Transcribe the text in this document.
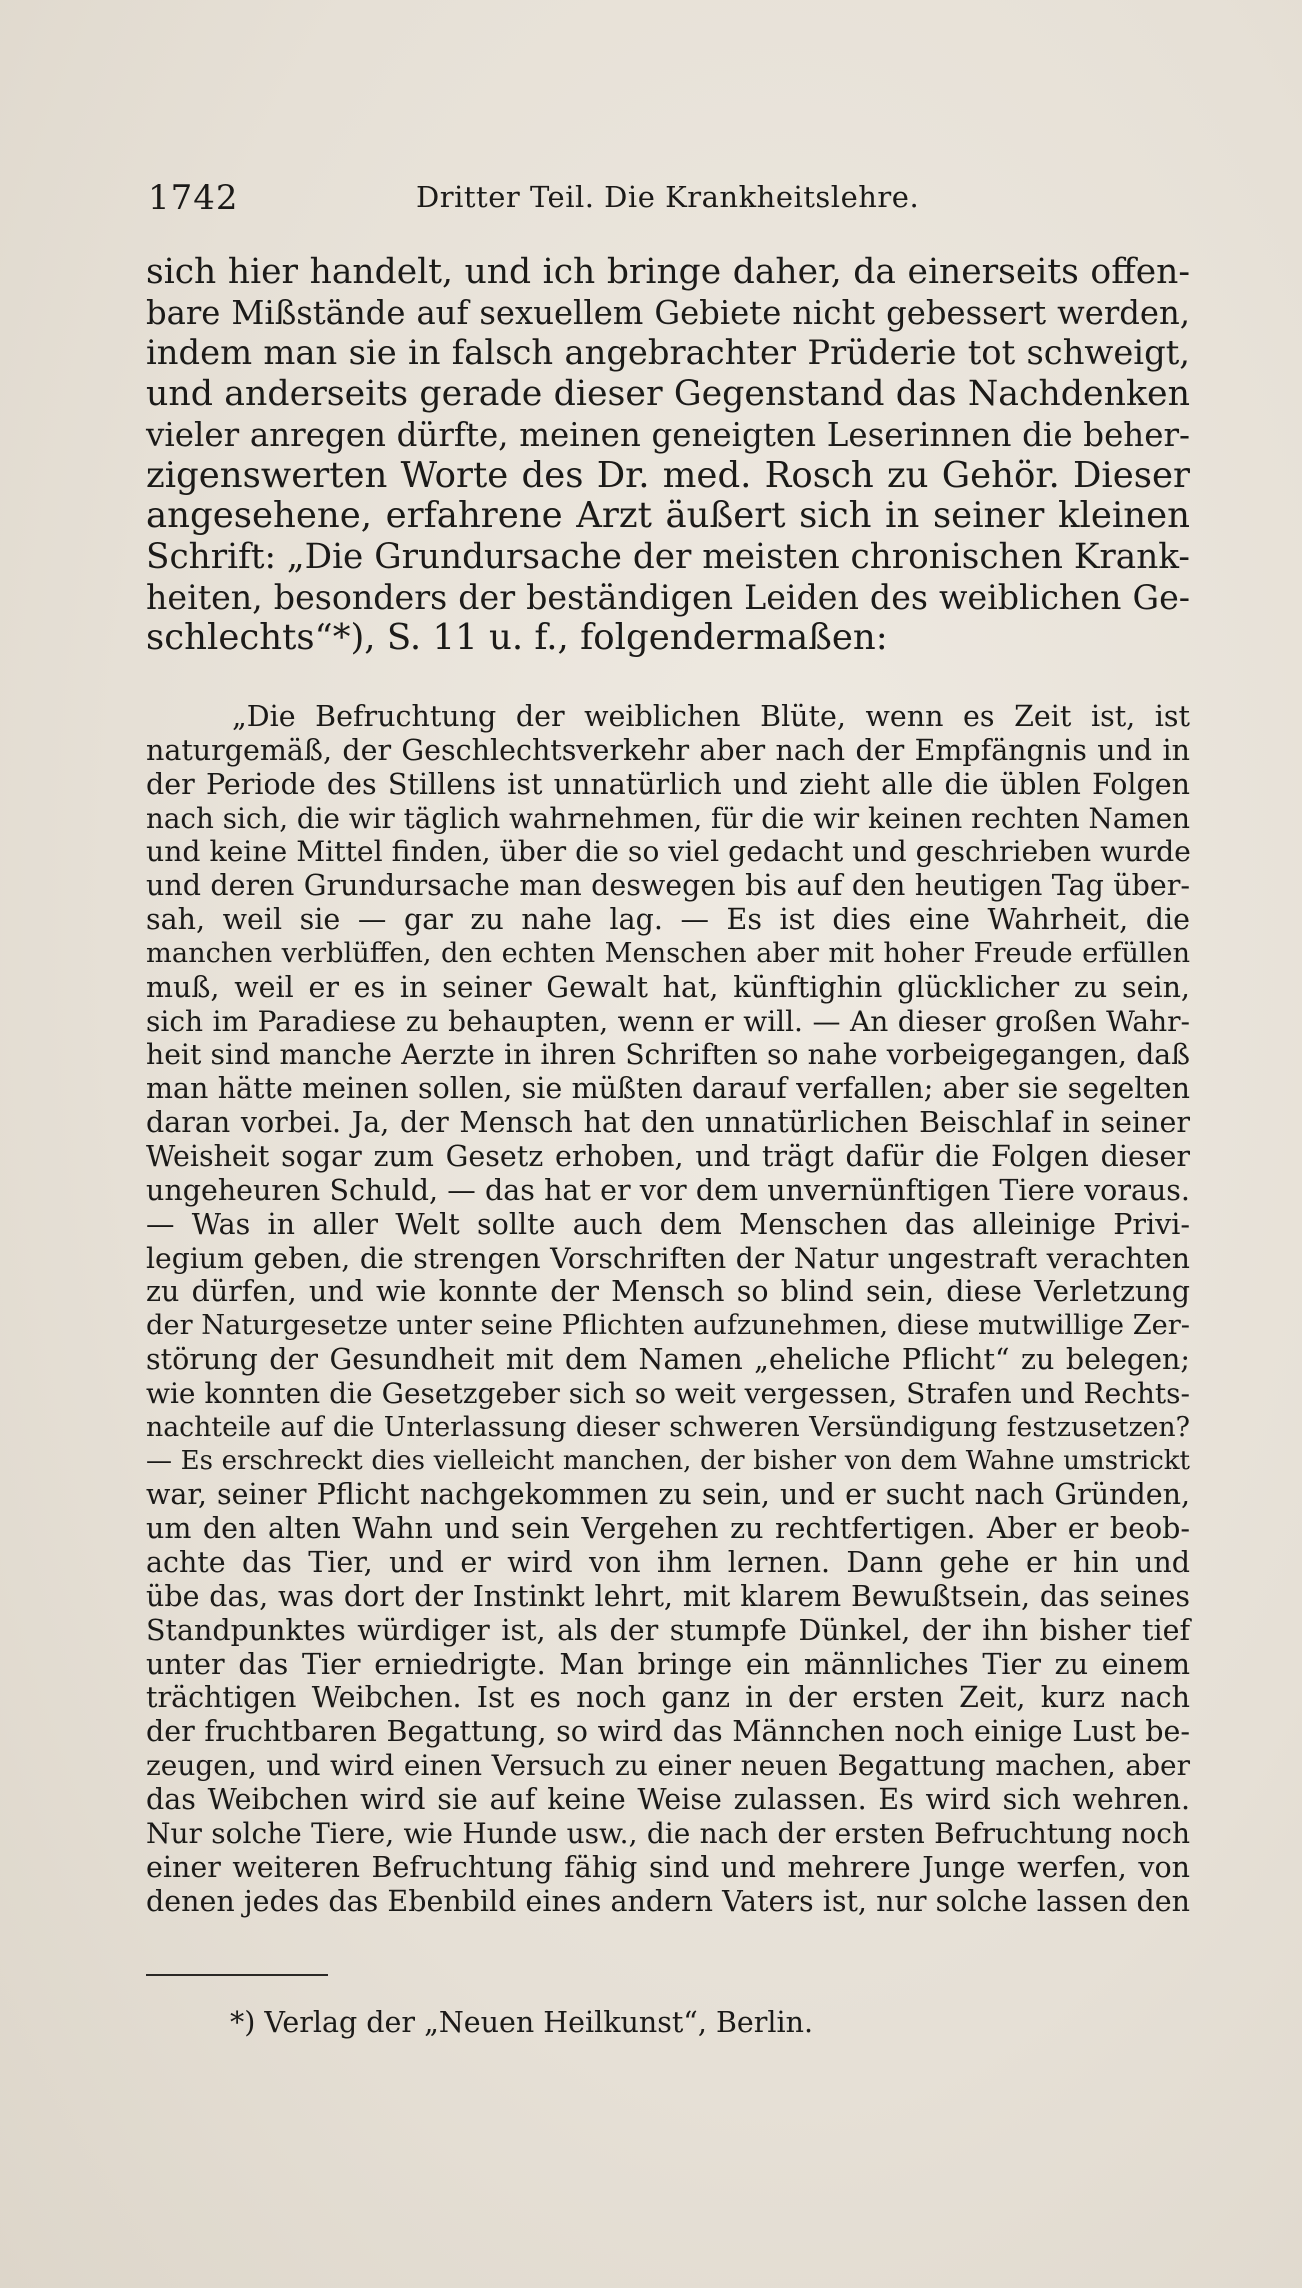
1742	Dritter Teil. Die Krankheitslehre.

sich hier handelt, und ich bringe daher, da einerseits offen-

bare Mißstände auf sexuellem Gebiete nicht gebessert werden,

indem man sie in falsch angebrachter Prüderie tot schweigt,

und anderseits gerade dieser Gegenstand das Nachdenken

vieler anregen dürfte, meinen geneigten Leserinnen die beher-

zigenswerten Worte des Dr. med. Rosch zu Gehör. Dieser

angesehene, erfahrene Arzt äußert sich in seiner kleinen

Schrift: „Die Grundursache der meisten chronischen Krank-

heiten, besonders der beständigen Leiden des weiblichen Ge-

schlechts“*), S. 11 u. f., folgendermaßen:

„Die Befruchtung der weiblichen Blüte, wenn es Zeit ist, ist

naturgemäß, der Geschlechtsverkehr aber nach der Empfängnis und in

der Periode des Stillens ist unnatürlich und zieht alle die üblen Folgen

nach sich, die wir täglich wahrnehmen, für die wir keinen rechten Namen

und keine Mittel finden, über die so viel gedacht und geschrieben wurde

und deren Grundursache man deswegen bis auf den heutigen Tag über-

sah, weil sie — gar zu nahe lag. — Es ist dies eine Wahrheit, die

manchen verblüffen, den echten Menschen aber mit hoher Freude erfüllen

muß, weil er es in seiner Gewalt hat, künftighin glücklicher zu sein,

sich im Paradiese zu behaupten, wenn er will. — An dieser großen Wahr-

heit sind manche Aerzte in ihren Schriften so nahe vorbeigegangen, daß

man hätte meinen sollen, sie müßten darauf verfallen; aber sie segelten

daran vorbei. Ja, der Mensch hat den unnatürlichen Beischlaf in seiner

Weisheit sogar zum Gesetz erhoben, und trägt dafür die Folgen dieser

ungeheuren Schuld, — das hat er vor dem unvernünftigen Tiere voraus.

— Was in aller Welt sollte auch dem Menschen das alleinige Privi-

legium geben, die strengen Vorschriften der Natur ungestraft verachten

zu dürfen, und wie konnte der Mensch so blind sein, diese Verletzung

der Naturgesetze unter seine Pflichten aufzunehmen, diese mutwillige Zer-

störung der Gesundheit mit dem Namen „eheliche Pflicht“ zu belegen;

wie konnten die Gesetzgeber sich so weit vergessen, Strafen und Rechts-

nachteile auf die Unterlassung dieser schweren Versündigung festzusetzen?

— Es erschreckt dies vielleicht manchen, der bisher von dem Wahne umstrickt

war, seiner Pflicht nachgekommen zu sein, und er sucht nach Gründen,

um den alten Wahn und sein Vergehen zu rechtfertigen. Aber er beob-

achte das Tier, und er wird von ihm lernen. Dann gehe er hin und

übe das, was dort der Instinkt lehrt, mit klarem Bewußtsein, das seines

Standpunktes würdiger ist, als der stumpfe Dünkel, der ihn bisher tief

unter das Tier erniedrigte. Man bringe ein männliches Tier zu einem

trächtigen Weibchen. Ist es noch ganz in der ersten Zeit, kurz nach

der fruchtbaren Begattung, so wird das Männchen noch einige Lust be-

zeugen, und wird einen Versuch zu einer neuen Begattung machen, aber

das Weibchen wird sie auf keine Weise zulassen. Es wird sich wehren.

Nur solche Tiere, wie Hunde usw., die nach der ersten Befruchtung noch

einer weiteren Befruchtung fähig sind und mehrere Junge werfen, von

denen jedes das Ebenbild eines andern Vaters ist, nur solche lassen den

*) Verlag der „Neuen Heilkunst“, Berlin.
